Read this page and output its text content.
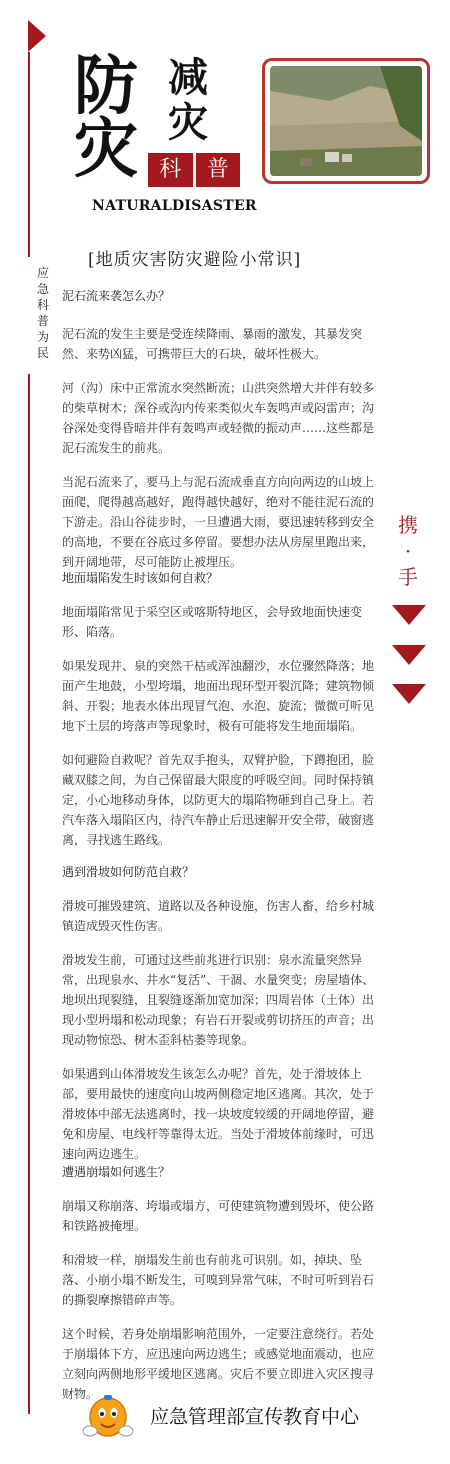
防
灾
减
灾
科	普
NATURALDISASTER
应
急
科
普
为
民
[地质灾害防灾避险小常识]
携
·
手

泥石流来袭怎么办？

泥石流的发生主要是受连续降雨、暴雨的激发，其暴发突然、来势凶猛，可携带巨大的石块，破坏性极大。

河（沟）床中正常流水突然断流；山洪突然增大并伴有较多的柴草树木；深谷或沟内传来类似火车轰鸣声或闷雷声；沟谷深处变得昏暗并伴有轰鸣声或轻微的振动声……这些都是泥石流发生的前兆。

当泥石流来了，要马上与泥石流成垂直方向向两边的山坡上面爬，爬得越高越好，跑得越快越好，绝对不能往泥石流的下游走。沿山谷徒步时，一旦遭遇大雨，要迅速转移到安全的高地，不要在谷底过多停留。要想办法从房屋里跑出来，到开阔地带，尽可能防止被埋压。

地面塌陷发生时该如何自救？

地面塌陷常见于采空区或喀斯特地区，会导致地面快速变形、陷落。

如果发现井、泉的突然干枯或浑浊翻沙，水位骤然降落；地面产生地鼓，小型垮塌，地面出现环型开裂沉降；建筑物倾斜、开裂；地表水体出现冒气泡、水泡、旋流；微微可听见地下土层的垮落声等现象时，极有可能将发生地面塌陷。

如何避险自救呢？首先双手抱头，双臂护脸，下蹲抱团，脸藏双膝之间，为自己保留最大限度的呼吸空间。同时保持镇定，小心地移动身体，以防更大的塌陷物砸到自己身上。若汽车落入塌陷区内，待汽车静止后迅速解开安全带，破窗逃离，寻找逃生路线。

遇到滑坡如何防范自救？

滑坡可摧毁建筑、道路以及各种设施，伤害人畜，给乡村城镇造成毁灭性伤害。

滑坡发生前，可通过这些前兆进行识别：泉水流量突然异常，出现泉水、井水“复活”、干涸、水量突变；房屋墙体、地坝出现裂缝，且裂缝逐渐加宽加深；四周岩体（土体）出现小型坍塌和松动现象；有岩石开裂或剪切挤压的声音；出现动物惊恐、树木歪斜枯萎等现象。

如果遇到山体滑坡发生该怎么办呢？首先，处于滑坡体上部，要用最快的速度向山坡两侧稳定地区逃离。其次，处于滑坡体中部无法逃离时，找一块坡度较缓的开阔地停留，避免和房屋、电线杆等靠得太近。当处于滑坡体前缘时，可迅速向两边逃生。

遭遇崩塌如何逃生？

崩塌又称崩落、垮塌或塌方，可使建筑物遭到毁坏，使公路和铁路被掩埋。

和滑坡一样，崩塌发生前也有前兆可识别。如，掉块、坠落、小崩小塌不断发生，可嗅到异常气味，不时可听到岩石的撕裂摩擦错碎声等。

这个时候，若身处崩塌影响范围外，一定要注意绕行。若处于崩塌体下方，应迅速向两边逃生；或感觉地面震动，也应立刻向两侧地形平缓地区逃离。灾后不要立即进入灾区搜寻财物。

应急管理部宣传教育中心
